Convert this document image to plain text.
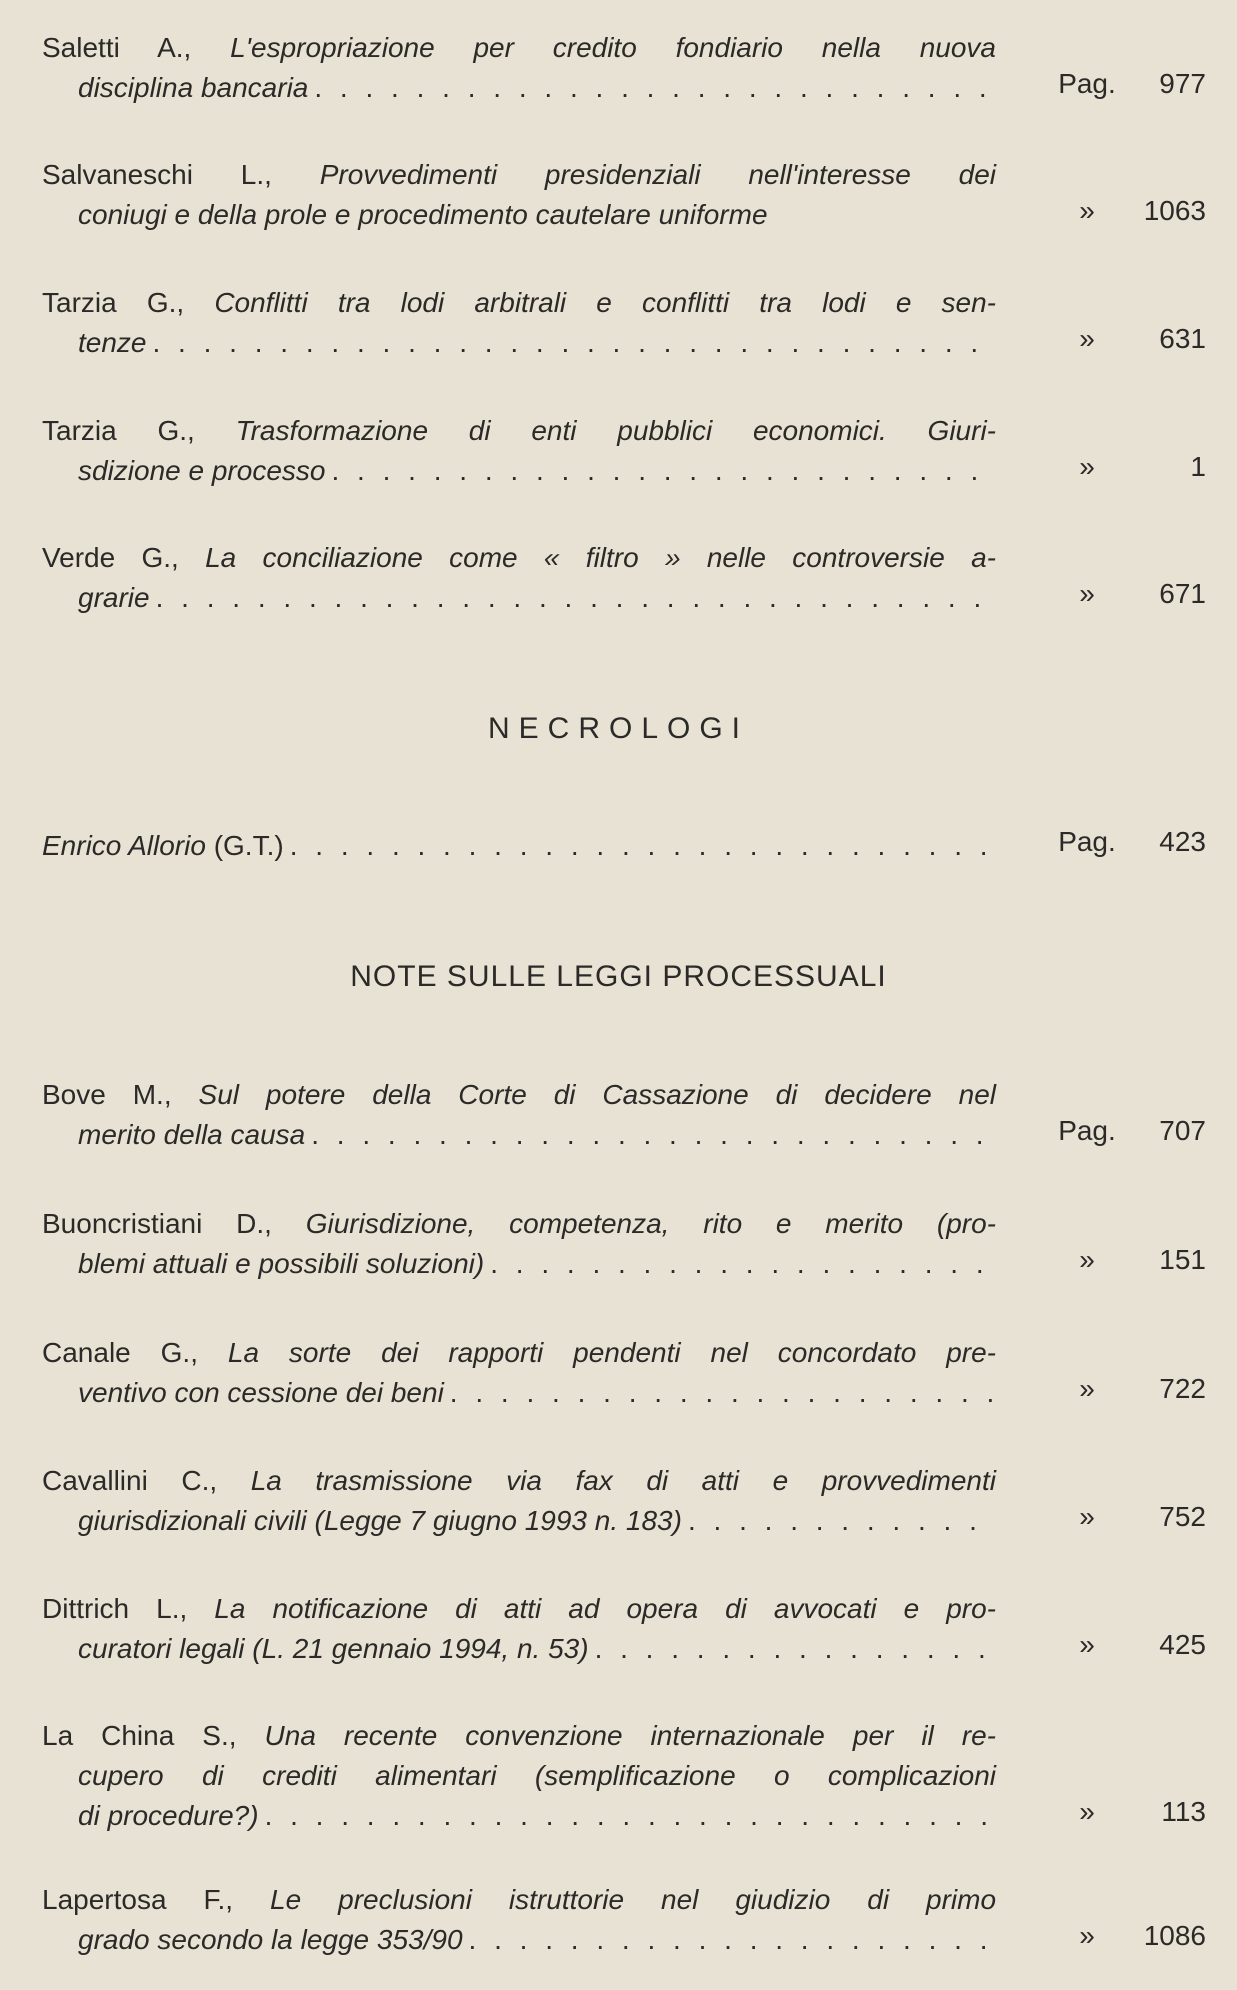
Saletti A., L'espropriazione per credito fondiario nella nuova
disciplina bancaria . . .	Pag. 977
Salvaneschi L., Provvedimenti presidenziali nell'interesse dei
coniugi e della prole e procedimento cautelare uniforme	»	1063
Tarzia G., Conflitti tra lodi arbitrali e conflitti tra lodi e sen-
tenze . . .	»	631
Tarzia G., Trasformazione di enti pubblici economici. Giuri-
sdizione e processo . . .	»	1
Verde G., La conciliazione come « filtro » nelle controversie a-
grarie . . .	»	671
NECROLOGI
Enrico Allorio
(G.T.) . . .	Pag. 423
NOTE SULLE LEGGI PROCESSUALI
Bove M., Sul potere della Corte di Cassazione di decidere nel
merito della causa . . .	Pag. 707
Buoncristiani D., Giurisdizione, competenza, rito e merito (pro-
blemi attuali e possibili soluzioni) . . .	»	151
Canale G., La sorte dei rapporti pendenti nel concordato pre-
ventivo con cessione dei beni . . .	»	722
Cavallini C., La trasmissione via fax di atti e provvedimenti
giurisdizionali civili (Legge 7 giugno 1993 n. 183) . . .	»	752
Dittrich L., La notificazione di atti ad opera di avvocati e pro-
curatori legali (L. 21 gennaio 1994, n. 53) . . .	»	425
La China S., Una recente convenzione internazionale per il re-
cupero di crediti alimentari (semplificazione o complicazioni
di procedure?) . . .	»	113
Lapertosa F., Le preclusioni istruttorie nel giudizio di primo
grado secondo la legge 353/90 . . .	»	1086
